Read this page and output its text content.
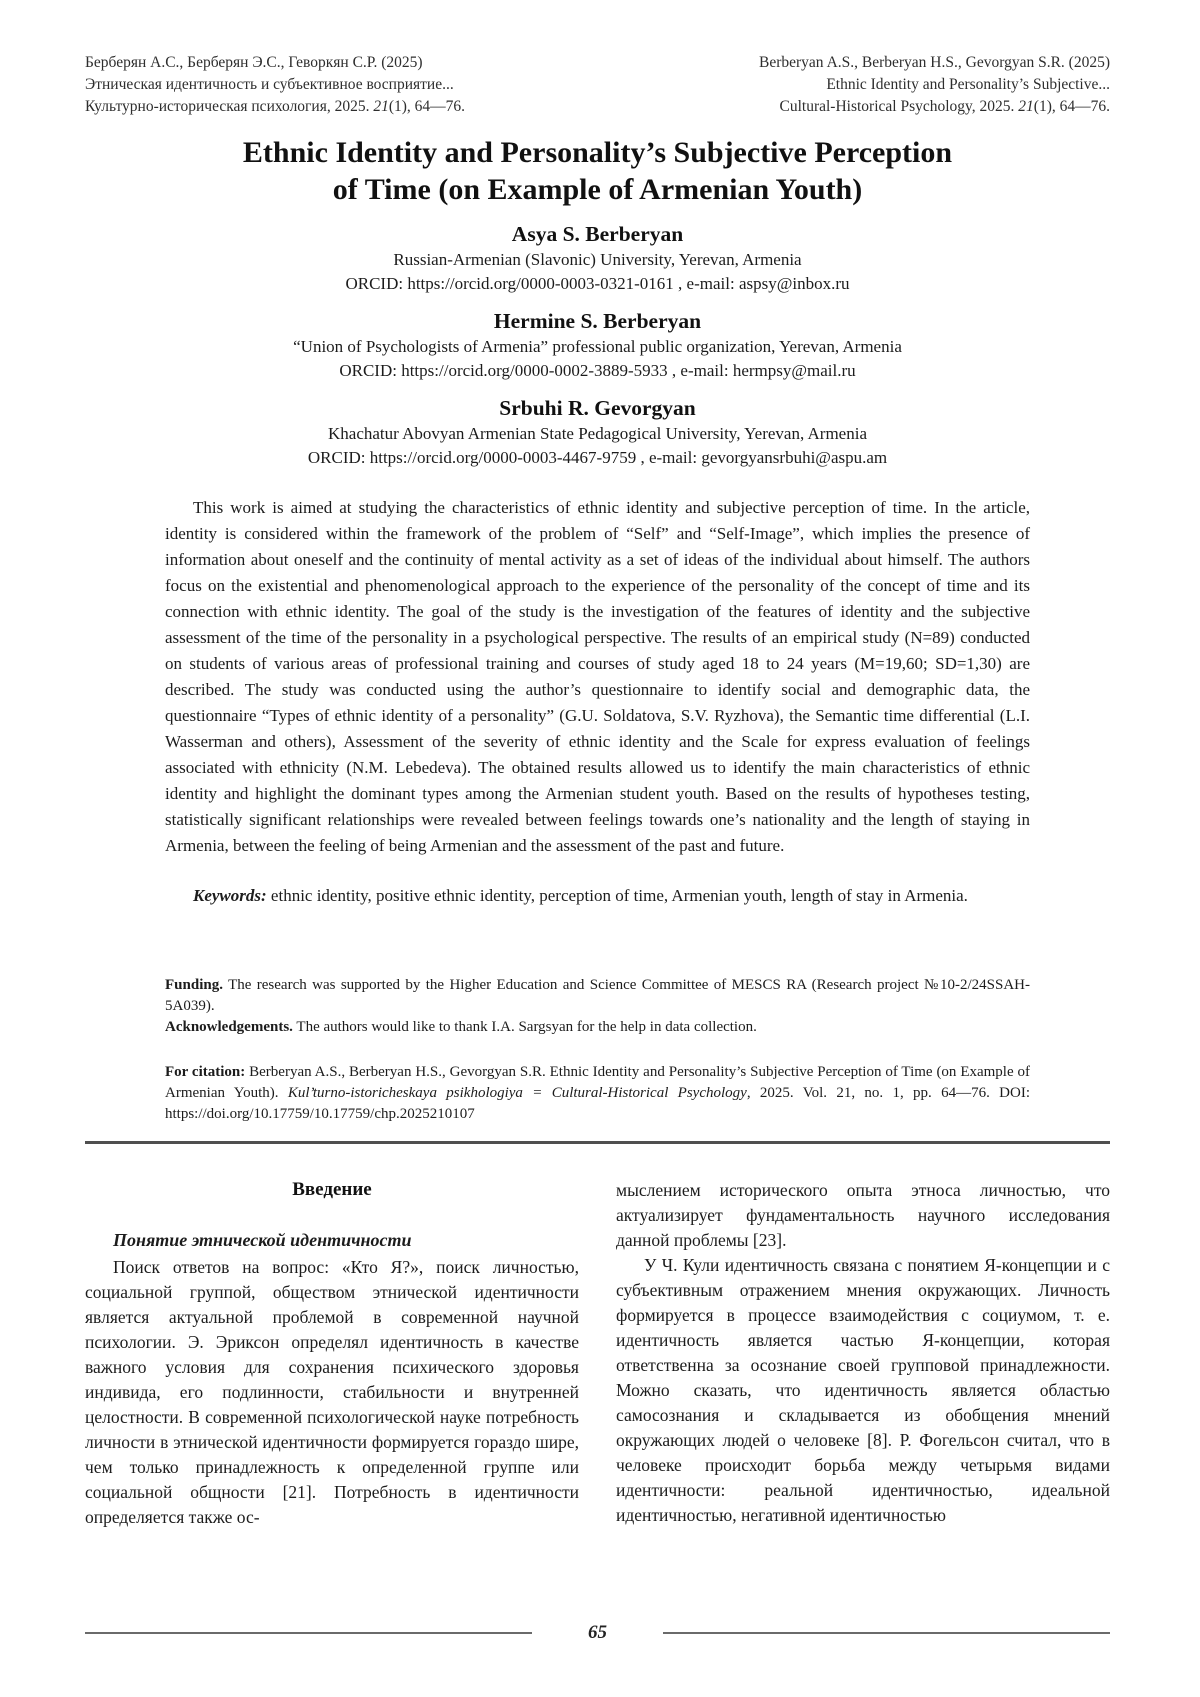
Берберян А.С., Берберян Э.С., Геворкян С.Р. (2025)
Этническая идентичность и субъективное восприятие...
Культурно-историческая психология, 2025. 21(1), 64—76.
Berberyan A.S., Berberyan H.S., Gevorgyan S.R. (2025)
Ethnic Identity and Personality’s Subjective...
Cultural-Historical Psychology, 2025. 21(1), 64—76.
Ethnic Identity and Personality’s Subjective Perception
of Time (on Example of Armenian Youth)
Asya S. Berberyan
Russian-Armenian (Slavonic) University, Yerevan, Armenia
ORCID: https://orcid.org/0000-0003-0321-0161 , e-mail: aspsy@inbox.ru
Hermine S. Berberyan
“Union of Psychologists of Armenia” professional public organization, Yerevan, Armenia
ORCID: https://orcid.org/0000-0002-3889-5933 , e-mail: hermpsy@mail.ru
Srbuhi R. Gevorgyan
Khachatur Abovyan Armenian State Pedagogical University, Yerevan, Armenia
ORCID: https://orcid.org/0000-0003-4467-9759 , e-mail: gevorgyansrbuhi@aspu.am

This work is aimed at studying the characteristics of ethnic identity and subjective perception of time. In the article, identity is considered within the framework of the problem of “Self” and “Self-Image”, which implies the presence of information about oneself and the continuity of mental activity as a set of ideas of the individual about himself. The authors focus on the existential and phenomenological approach to the experience of the personality of the concept of time and its connection with ethnic identity. The goal of the study is the investigation of the features of identity and the subjective assessment of the time of the personality in a psychological perspective. The results of an empirical study (N=89) conducted on students of various areas of professional training and courses of study aged 18 to 24 years (M=19,60; SD=1,30) are described. The study was conducted using the author’s questionnaire to identify social and demographic data, the questionnaire “Types of ethnic identity of a personality” (G.U. Soldatova, S.V. Ryzhova), the Semantic time differential (L.I. Wasserman and others), Assessment of the severity of ethnic identity and the Scale for express evaluation of feelings associated with ethnicity (N.M. Lebedeva). The obtained results allowed us to identify the main characteristics of ethnic identity and highlight the dominant types among the Armenian student youth. Based on the results of hypotheses testing, statistically significant relationships were revealed between feelings towards one’s nationality and the length of staying in Armenia, between the feeling of being Armenian and the assessment of the past and future.

Keywords: ethnic identity, positive ethnic identity, perception of time, Armenian youth, length of stay in Armenia.

Funding. The research was supported by the Higher Education and Science Committee of MESCS RA (Research project №10-2/24SSAH-5A039).

Acknowledgements. The authors would like to thank I.A. Sargsyan for the help in data collection.

For citation: Berberyan A.S., Berberyan H.S., Gevorgyan S.R. Ethnic Identity and Personality’s Subjective Perception of Time (on Example of Armenian Youth). Kul’turno-istoricheskaya psikhologiya = Cultural-Historical Psychology, 2025. Vol. 21, no. 1, pp. 64—76. DOI: https://doi.org/10.17759/10.17759/chp.2025210107

Введение
Понятие этнической идентичности

Поиск ответов на вопрос: «Кто Я?», поиск личностью, социальной группой, обществом этнической идентичности является актуальной проблемой в современной научной психологии. Э. Эриксон определял идентичность в качестве важного условия для сохранения психического здоровья индивида, его подлинности, стабильности и внутренней целостности. В современной психологической науке потребность личности в этнической идентичности формируется гораздо шире, чем только принадлежность к определенной группе или социальной общности [21]. Потребность в идентичности определяется также ос-

мыслением исторического опыта этноса личностью, что актуализирует фундаментальность научного исследования данной проблемы [23].

У Ч. Кули идентичность связана с понятием Я-концепции и с субъективным отражением мнения окружающих. Личность формируется в процессе взаимодействия с социумом, т. е. идентичность является частью Я-концепции, которая ответственна за осознание своей групповой принадлежности. Можно сказать, что идентичность является областью самосознания и складывается из обобщения мнений окружающих людей о человеке [8]. Р. Фогельсон считал, что в человеке происходит борьба между четырьмя видами идентичности: реальной идентичностью, идеальной идентичностью, негативной идентичностью

65
